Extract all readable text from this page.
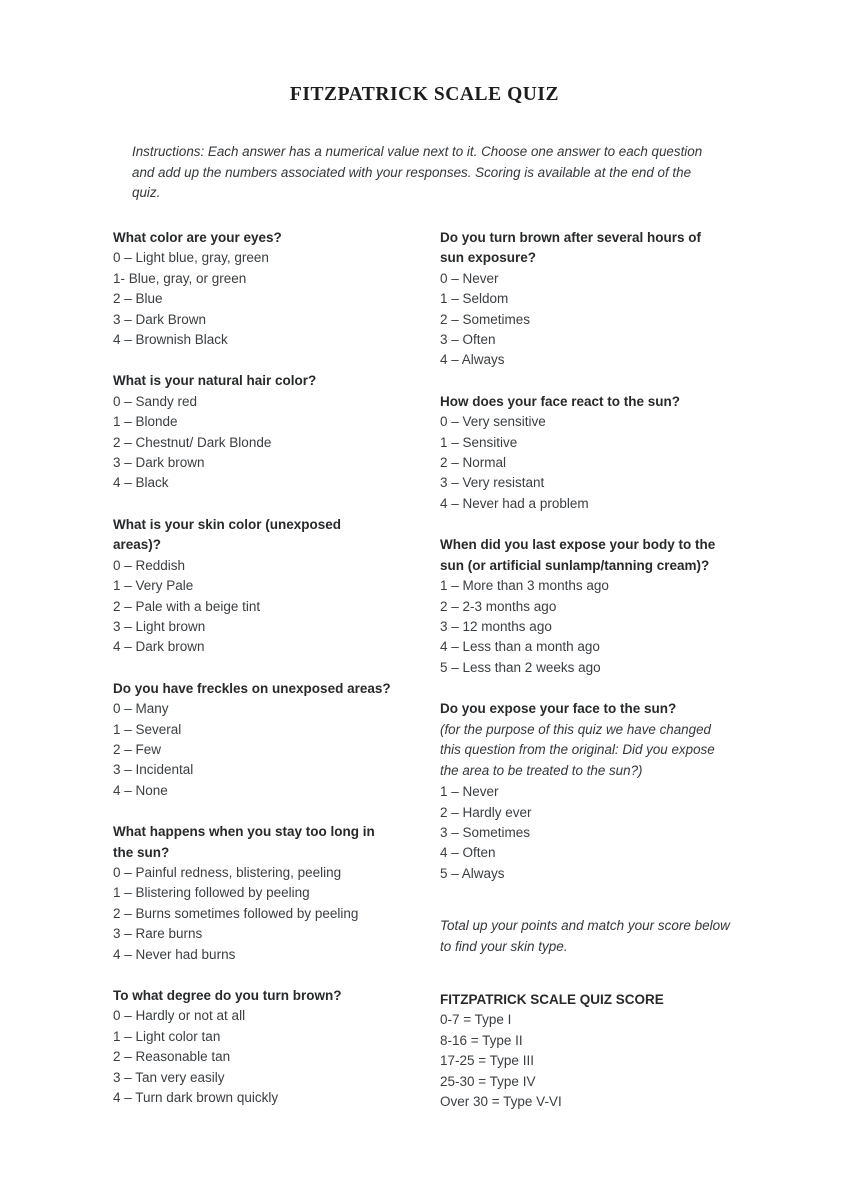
FITZPATRICK SCALE QUIZ
Instructions: Each answer has a numerical value next to it. Choose one answer to each question and add up the numbers associated with your responses. Scoring is available at the end of the quiz.
What color are your eyes?
0 – Light blue, gray, green
1- Blue, gray, or green
2 – Blue
3 – Dark Brown
4 – Brownish Black
What is your natural hair color?
0 – Sandy red
1 – Blonde
2 – Chestnut/ Dark Blonde
3 – Dark brown
4 – Black
What is your skin color (unexposed areas)?
0 – Reddish
1 – Very Pale
2 – Pale with a beige tint
3 – Light brown
4 – Dark brown
Do you have freckles on unexposed areas?
0 – Many
1 – Several
2 – Few
3 – Incidental
4 – None
What happens when you stay too long in the sun?
0 – Painful redness, blistering, peeling
1 – Blistering followed by peeling
2 – Burns sometimes followed by peeling
3 – Rare burns
4 – Never had burns
To what degree do you turn brown?
0 – Hardly or not at all
1 – Light color tan
2 – Reasonable tan
3 – Tan very easily
4 – Turn dark brown quickly
Do you turn brown after several hours of sun exposure?
0 – Never
1 – Seldom
2 – Sometimes
3 – Often
4 – Always
How does your face react to the sun?
0 – Very sensitive
1 – Sensitive
2 – Normal
3 – Very resistant
4 – Never had a problem
When did you last expose your body to the sun (or artificial sunlamp/tanning cream)?
1 – More than 3 months ago
2 – 2-3 months ago
3 – 12 months ago
4 – Less than a month ago
5 – Less than 2 weeks ago
Do you expose your face to the sun?
(for the purpose of this quiz we have changed this question from the original: Did you expose the area to be treated to the sun?)
1 – Never
2 – Hardly ever
3 – Sometimes
4 – Often
5 – Always
Total up your points and match your score below to find your skin type.
FITZPATRICK SCALE QUIZ SCORE
0-7 = Type I
8-16 = Type II
17-25 = Type III
25-30 = Type IV
Over 30 = Type V-VI
